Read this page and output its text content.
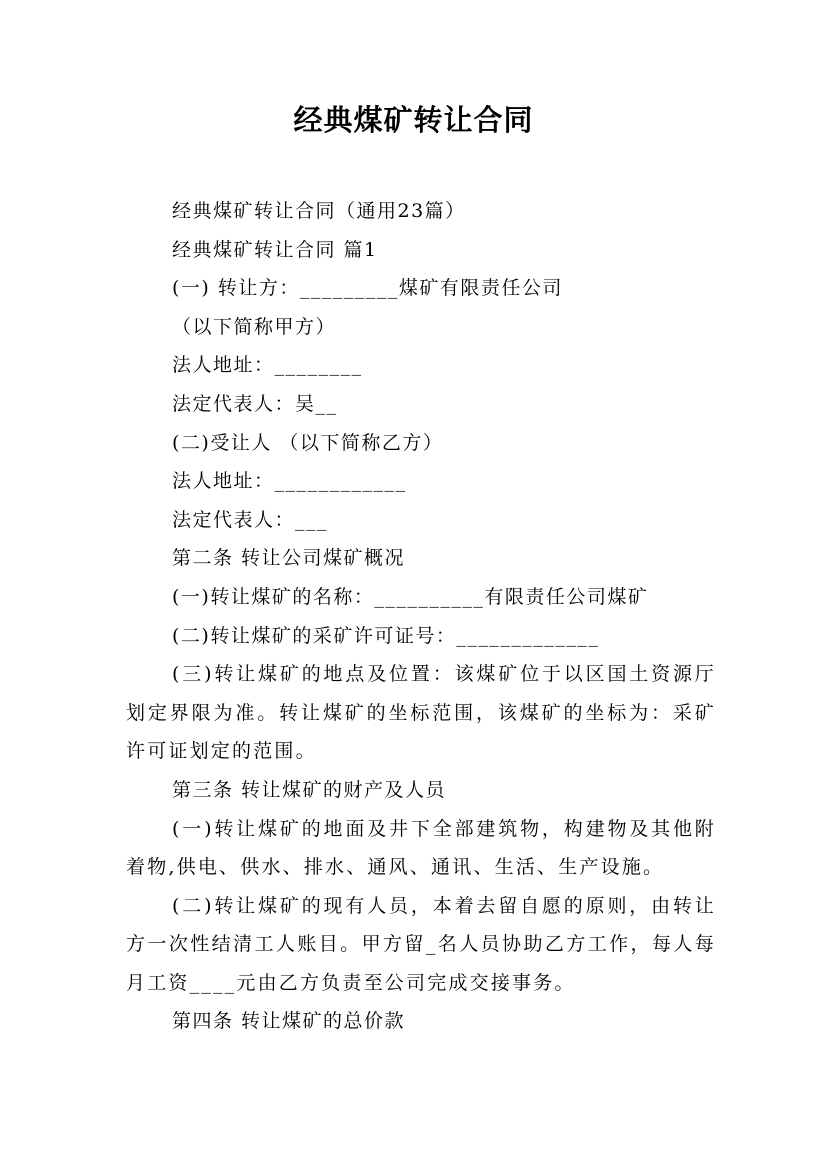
经典煤矿转让合同

经典煤矿转让合同（通用23篇）

经典煤矿转让合同 篇1

(一) 转让方：_________煤矿有限责任公司

（以下简称甲方）

法人地址：________

法定代表人：吴__

(二)受让人 （以下简称乙方）

法人地址：____________

法定代表人：___

第二条 转让公司煤矿概况

(一)转让煤矿的名称：__________有限责任公司煤矿

(二)转让煤矿的采矿许可证号：_____________

(三)转让煤矿的地点及位置：该煤矿位于以区国土资源厅划定界限为准。转让煤矿的坐标范围，该煤矿的坐标为：采矿许可证划定的范围。

第三条 转让煤矿的财产及人员

(一)转让煤矿的地面及井下全部建筑物，构建物及其他附着物,供电、供水、排水、通风、通讯、生活、生产设施。

(二)转让煤矿的现有人员，本着去留自愿的原则，由转让方一次性结清工人账目。甲方留_名人员协助乙方工作，每人每月工资____元由乙方负责至公司完成交接事务。

第四条 转让煤矿的总价款
